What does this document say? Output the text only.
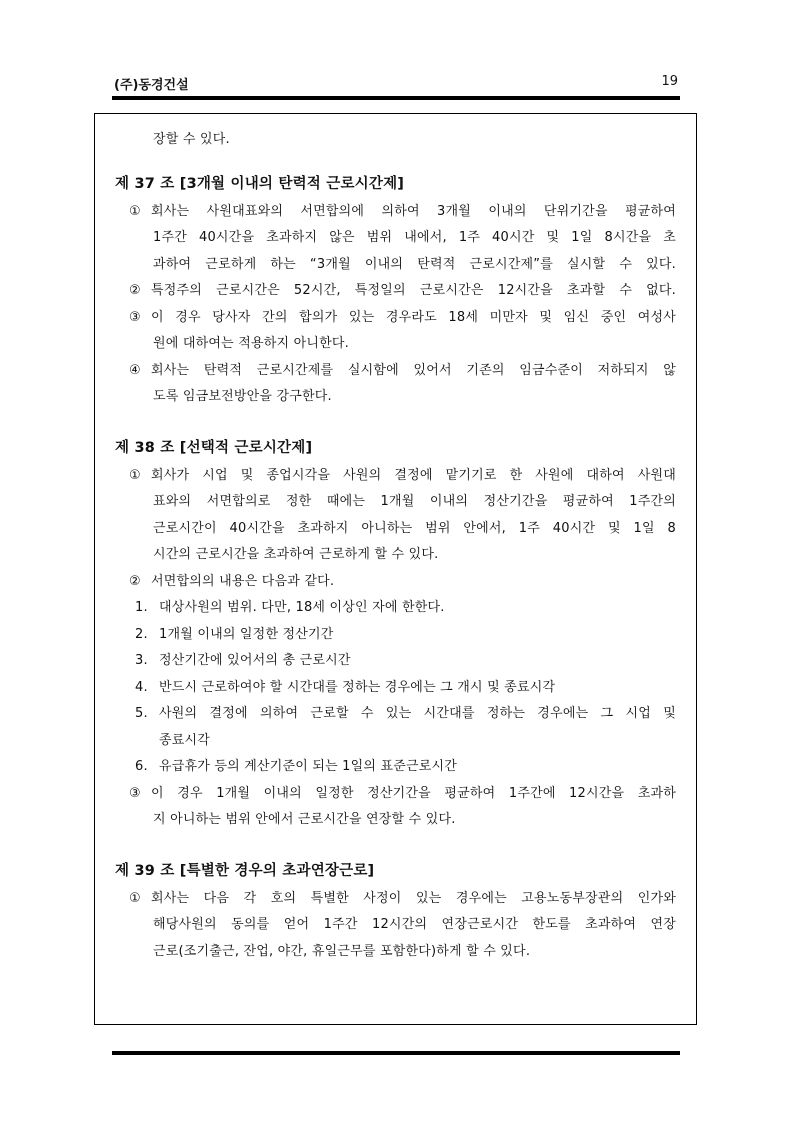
(주)동경건설	19
장할 수 있다.
제 37 조 [3개월 이내의 탄력적 근로시간제]
① 회사는 사원대표와의 서면합의에 의하여 3개월 이내의 단위기간을 평균하여
1주간 40시간을 초과하지 않은 범위 내에서, 1주 40시간 및 1일 8시간을 초
과하여 근로하게 하는 “3개월 이내의 탄력적 근로시간제”를 실시할 수 있다.
② 특정주의 근로시간은 52시간, 특정일의 근로시간은 12시간을 초과할 수 없다.
③ 이 경우 당사자 간의 합의가 있는 경우라도 18세 미만자 및 임신 중인 여성사
원에 대하여는 적용하지 아니한다.
④ 회사는 탄력적 근로시간제를 실시함에 있어서 기존의 임금수준이 저하되지 않
도록 임금보전방안을 강구한다.
제 38 조 [선택적 근로시간제]
① 회사가 시업 및 종업시각을 사원의 결정에 맡기기로 한 사원에 대하여 사원대
표와의 서면합의로 정한 때에는 1개월 이내의 정산기간을 평균하여 1주간의
근로시간이 40시간을 초과하지 아니하는 범위 안에서, 1주 40시간 및 1일 8
시간의 근로시간을 초과하여 근로하게 할 수 있다.
② 서면합의의 내용은 다음과 같다.
1. 대상사원의 범위. 다만, 18세 이상인 자에 한한다.
2. 1개월 이내의 일정한 정산기간
3. 정산기간에 있어서의 총 근로시간
4. 반드시 근로하여야 할 시간대를 정하는 경우에는 그 개시 및 종료시각
5. 사원의 결정에 의하여 근로할 수 있는 시간대를 정하는 경우에는 그 시업 및
종료시각
6. 유급휴가 등의 계산기준이 되는 1일의 표준근로시간
③ 이 경우 1개월 이내의 일정한 정산기간을 평균하여 1주간에 12시간을 초과하
지 아니하는 범위 안에서 근로시간을 연장할 수 있다.
제 39 조 [특별한 경우의 초과연장근로]
① 회사는 다음 각 호의 특별한 사정이 있는 경우에는 고용노동부장관의 인가와
해당사원의 동의를 얻어 1주간 12시간의 연장근로시간 한도를 초과하여 연장
근로(조기출근, 잔업, 야간, 휴일근무를 포함한다)하게 할 수 있다.
